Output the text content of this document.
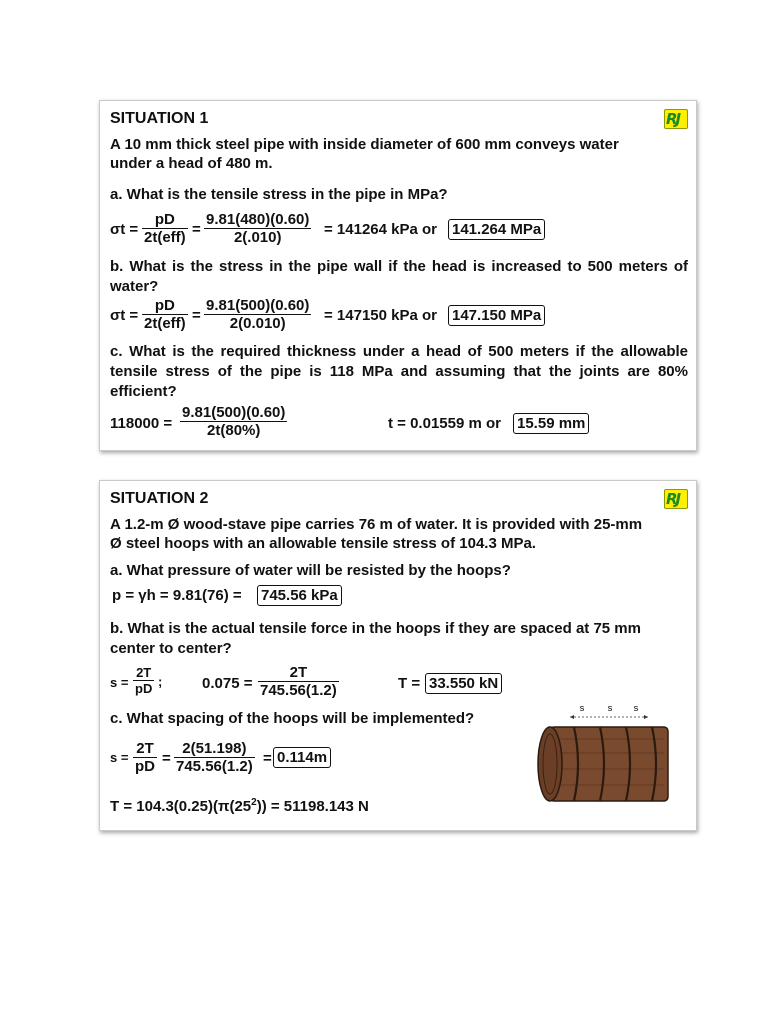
SITUATION 1	RJ
A 10 mm thick steel pipe with inside diameter of 600 mm conveys water
under a head of 480 m.
a. What is the tensile stress in the pipe in MPa?
σt =
pD
$2t(eff) = \frac{9.81(480)(0.60)}{2(.010)} = 141264$ kPa or 141.264 MPa
b. What is the stress in the pipe wall if the head is increased to 500 meters of water?
σt =
pD
$2t(eff) = \frac{9.81(500)(0.60)}{2(0.010)} = 147150$ kPa or 147.150 MPa
c. What is the required thickness under a head of 500 meters if the allowable tensile stress of the pipe is 118 MPa and assuming that the joints are 80% efficient?
$118000 = \frac{9.81(500)(0.60)}{2t(80\%)}$	t = 0.01559 m or 15.59 mm
SITUATION 2	RJ
A 1.2-m Ø wood-stave pipe carries 76 m of water. It is provided with 25-mm
Ø steel hoops with an allowable tensile stress of 104.3 MPa.
a. What pressure of water will be resisted by the hoops?
p = γh = 9.81(76) = 745.56 kPa
b. What is the actual tensile force in the hoops if they are spaced at 75 mm center to center?
$s = \frac{2T}{pD}$ ;	$0.075 = \frac{2T}{745.56(1.2)}$	T = 33.550 kN
c. What spacing of the hoops will be implemented?
$s = \frac{2T}{pD} = \frac{2(51.198)}{745.56(1.2)} = 0.114m$
$T = 104.3(0.25)(\pi(25^2)) = 51198.143$ N
s	s s
